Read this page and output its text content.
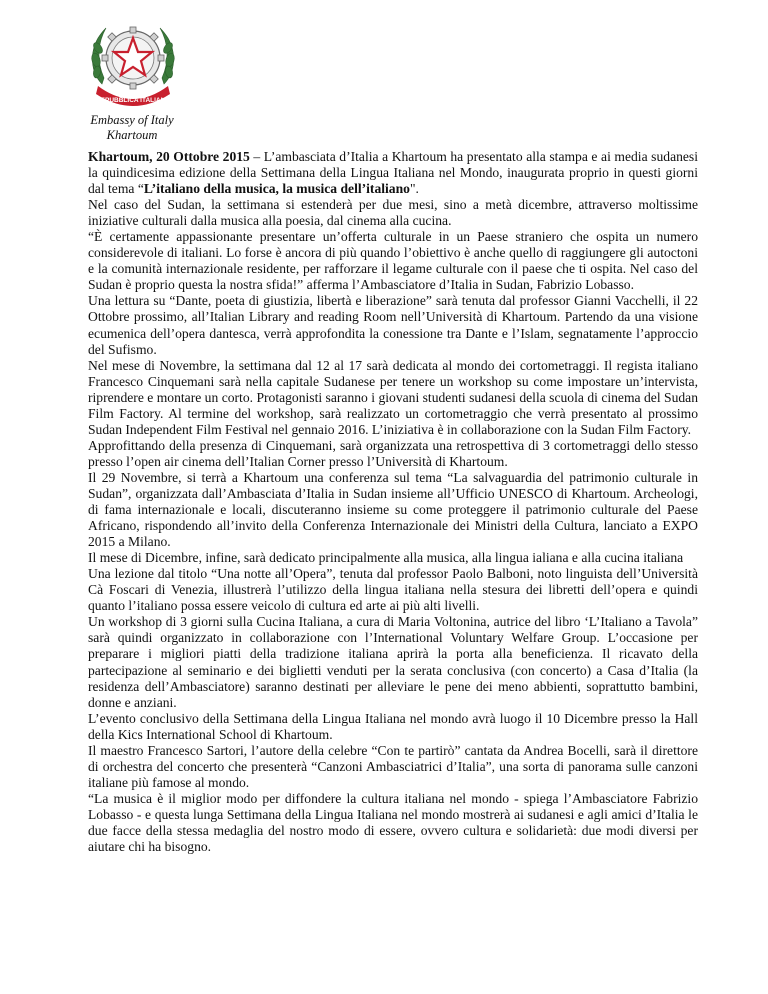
REPUBBLICA ITALIANA
Embassy of Italy
Khartoum

Khartoum, 20 Ottobre 2015 – L’ambasciata d’Italia a Khartoum ha presentato alla stampa e ai media sudanesi la quindicesima edizione della Settimana della Lingua Italiana nel Mondo, inaugurata proprio in questi giorni dal tema “L’italiano della musica, la musica dell’italiano".

Nel caso del Sudan, la settimana si estenderà per due mesi, sino a metà dicembre, attraverso moltissime iniziative culturali dalla musica alla poesia, dal cinema alla cucina.

“È certamente appassionante presentare un’offerta culturale in un Paese straniero che ospita un numero considerevole di italiani. Lo forse è ancora di più quando l’obiettivo è anche quello di raggiungere gli autoctoni e la comunità internazionale residente, per rafforzare il legame culturale con il paese che ti ospita. Nel caso del Sudan è proprio questa la nostra sfida!” afferma l’Ambasciatore d’Italia in Sudan, Fabrizio Lobasso.

Una lettura su “Dante, poeta di giustizia, libertà e liberazione” sarà tenuta dal professor Gianni Vacchelli, il 22 Ottobre prossimo, all’Italian Library and reading Room nell’Università di Khartoum. Partendo da una visione ecumenica dell’opera dantesca, verrà approfondita la conessione tra Dante e l’Islam, segnatamente l’approccio del Sufismo.

Nel mese di Novembre, la settimana dal 12 al 17 sarà dedicata al mondo dei cortometraggi. Il regista italiano Francesco Cinquemani sarà nella capitale Sudanese per tenere un workshop su come impostare un’intervista, riprendere e montare un corto. Protagonisti saranno i giovani studenti sudanesi della scuola di cinema del Sudan Film Factory. Al termine del workshop, sarà realizzato un cortometraggio che verrà presentato al prossimo Sudan Independent Film Festival nel gennaio 2016. L’iniziativa è in collaborazione con la Sudan Film Factory.

Approfittando della presenza di Cinquemani, sarà organizzata una retrospettiva di 3 cortometraggi dello stesso presso l’open air cinema dell’Italian Corner presso l’Università di Khartoum.

Il 29 Novembre, si terrà a Khartoum una conferenza sul tema “La salvaguardia del patrimonio culturale in Sudan”, organizzata dall’Ambasciata d’Italia in Sudan insieme all’Ufficio UNESCO di Khartoum. Archeologi, di fama internazionale e locali, discuteranno insieme su come proteggere il patrimonio culturale del Paese Africano, rispondendo all’invito della Conferenza Internazionale dei Ministri della Cultura, lanciato a EXPO 2015 a Milano.

Il mese di Dicembre, infine, sarà dedicato principalmente alla musica, alla lingua ialiana e alla cucina italiana

Una lezione dal titolo “Una notte all’Opera”, tenuta dal professor Paolo Balboni, noto linguista dell’Università Cà Foscari di Venezia, illustrerà l’utilizzo della lingua italiana nella stesura dei libretti dell’opera e quindi quanto l’italiano possa essere veicolo di cultura ed arte ai più alti livelli.

Un workshop di 3 giorni sulla Cucina Italiana, a cura di Maria Voltonina, autrice del libro ‘L’Italiano a Tavola” sarà quindi organizzato in collaborazione con l’International Voluntary Welfare Group. L’occasione per preparare i migliori piatti della tradizione italiana aprirà la porta alla beneficienza. Il ricavato della partecipazione al seminario e dei biglietti venduti per la serata conclusiva (con concerto) a Casa d’Italia (la residenza dell’Ambasciatore) saranno destinati per alleviare le pene dei meno abbienti, soprattutto bambini, donne e anziani.

L’evento conclusivo della Settimana della Lingua Italiana nel mondo avrà luogo il 10 Dicembre presso la Hall della Kics International School di Khartoum.

Il maestro Francesco Sartori, l’autore della celebre “Con te partirò” cantata da Andrea Bocelli, sarà il direttore di orchestra del concerto che presenterà “Canzoni Ambasciatrici d’Italia”, una sorta di panorama sulle canzoni italiane più famose al mondo.

“La musica è il miglior modo per diffondere la cultura italiana nel mondo - spiega l’Ambasciatore Fabrizio Lobasso - e questa lunga Settimana della Lingua Italiana nel mondo mostrerà ai sudanesi e agli amici d’Italia le due facce della stessa medaglia del nostro modo di essere, ovvero cultura e solidarietà: due modi diversi per aiutare chi ha bisogno.
